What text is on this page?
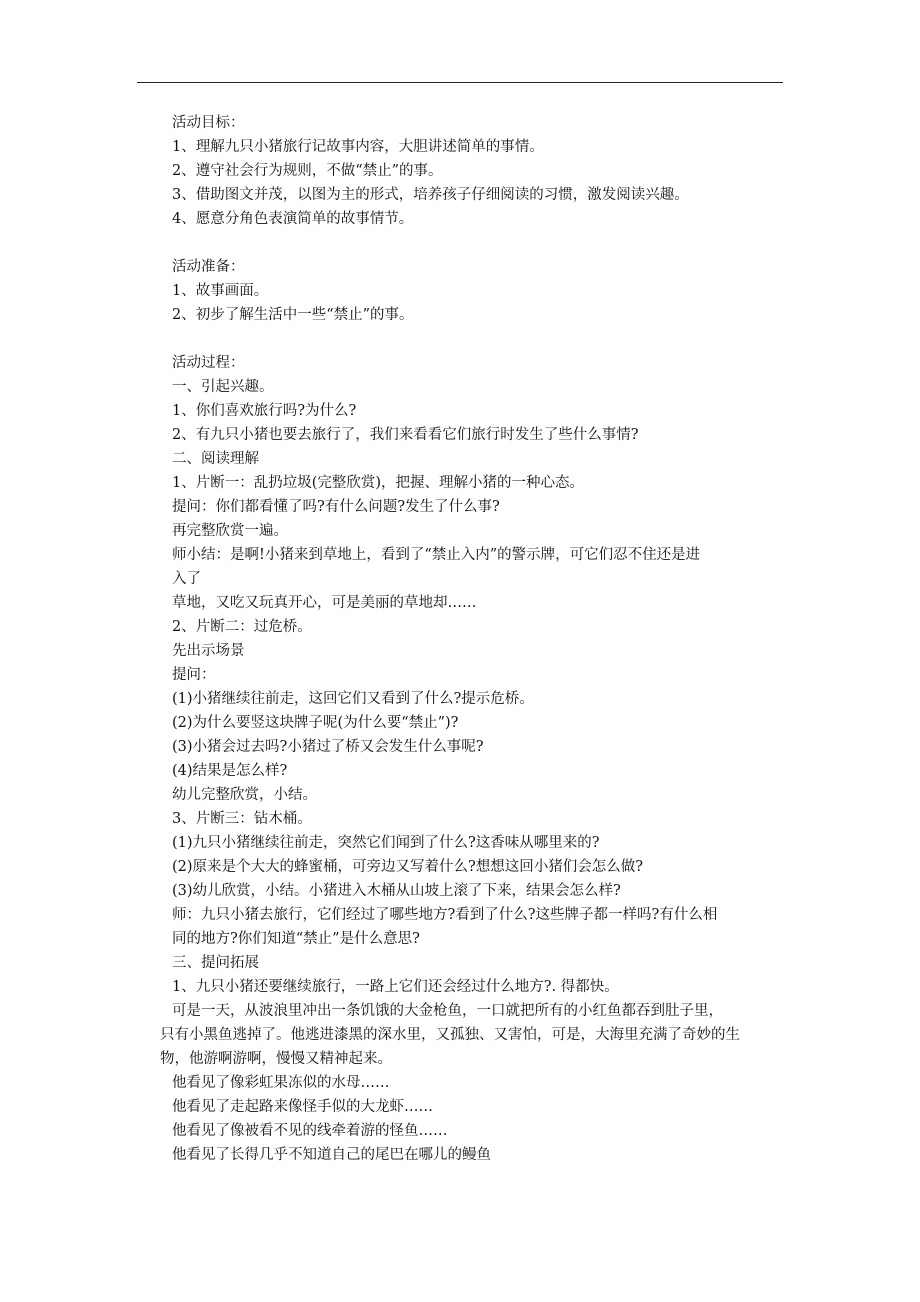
活动目标：
1、理解九只小猪旅行记故事内容，大胆讲述简单的事情。
2、遵守社会行为规则，不做“禁止”的事。
3、借助图文并茂，以图为主的形式，培养孩子仔细阅读的习惯，激发阅读兴趣。
4、愿意分角色表演简单的故事情节。
活动准备：
1、故事画面。
2、初步了解生活中一些“禁止”的事。
活动过程：
一、引起兴趣。
1、你们喜欢旅行吗?为什么?
2、有九只小猪也要去旅行了，我们来看看它们旅行时发生了些什么事情?
二、阅读理解
1、片断一：乱扔垃圾(完整欣赏)，把握、理解小猪的一种心态。
提问：你们都看懂了吗?有什么问题?发生了什么事?
再完整欣赏一遍。
师小结：是啊!小猪来到草地上，看到了“禁止入内”的警示牌，可它们忍不住还是进
入了
草地，又吃又玩真开心，可是美丽的草地却……
2、片断二：过危桥。
先出示场景
提问：
(1)小猪继续往前走，这回它们又看到了什么?提示危桥。
(2)为什么要竖这块牌子呢(为什么要“禁止”)?
(3)小猪会过去吗?小猪过了桥又会发生什么事呢?
(4)结果是怎么样?
幼儿完整欣赏，小结。
3、片断三：钻木桶。
(1)九只小猪继续往前走，突然它们闻到了什么?这香味从哪里来的?
(2)原来是个大大的蜂蜜桶，可旁边又写着什么?想想这回小猪们会怎么做?
(3)幼儿欣赏，小结。小猪进入木桶从山坡上滚了下来，结果会怎么样?
师：九只小猪去旅行，它们经过了哪些地方?看到了什么?这些牌子都一样吗?有什么相
同的地方?你们知道“禁止”是什么意思?
三、提问拓展
1、九只小猪还要继续旅行，一路上它们还会经过什么地方?. 得都快。
可是一天，从波浪里冲出一条饥饿的大金枪鱼，一口就把所有的小红鱼都吞到肚子里，
只有小黑鱼逃掉了。他逃进漆黑的深水里，又孤独、又害怕，可是，大海里充满了奇妙的生
物，他游啊游啊，慢慢又精神起来。
他看见了像彩虹果冻似的水母……
他看见了走起路来像怪手似的大龙虾……
他看见了像被看不见的线牵着游的怪鱼……
他看见了长得几乎不知道自己的尾巴在哪儿的鳗鱼
